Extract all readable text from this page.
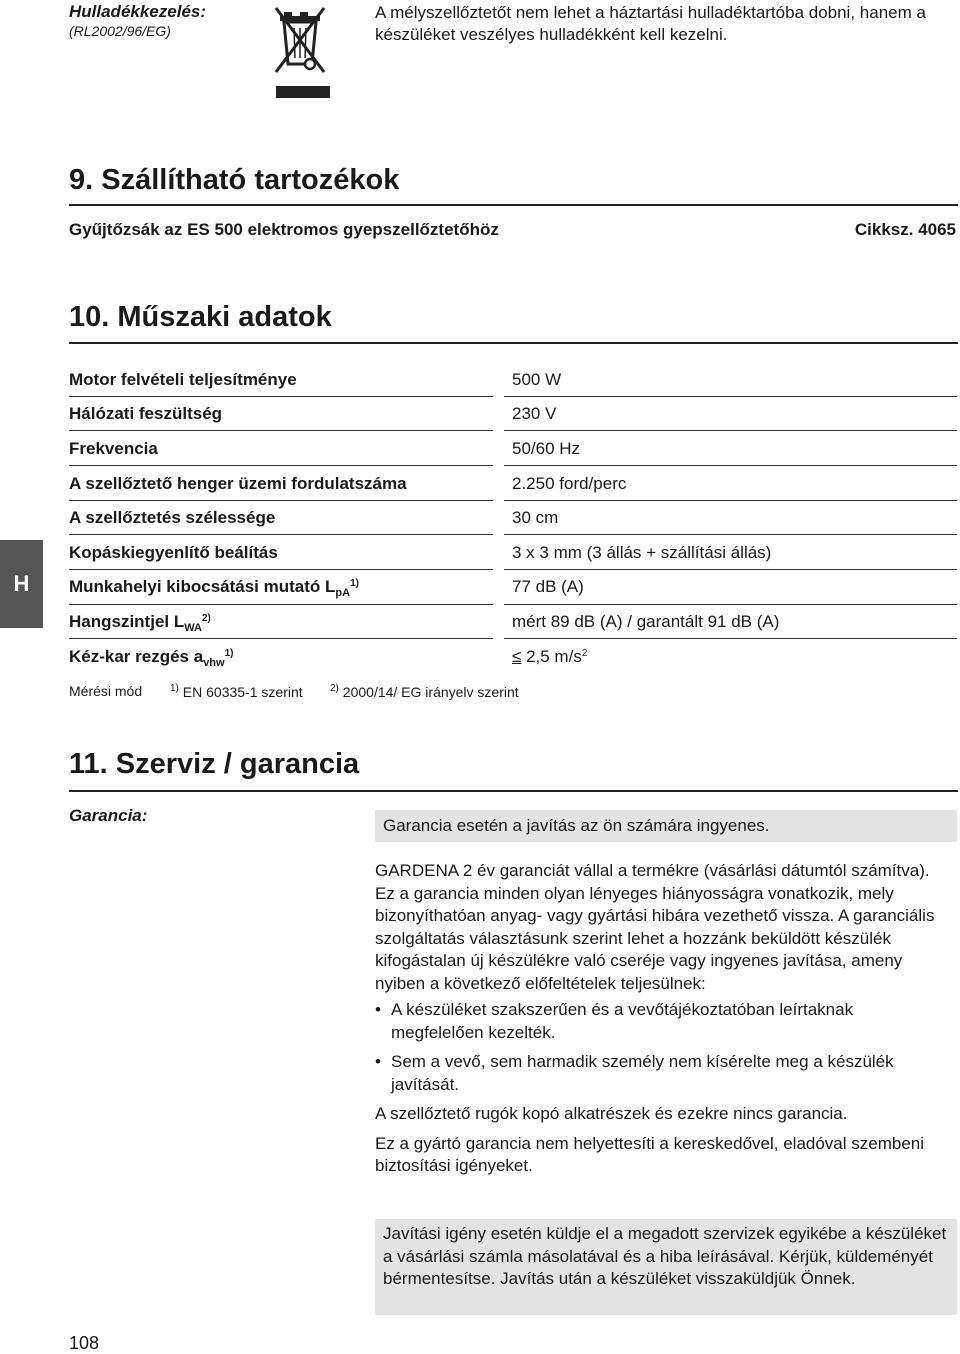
Hulladékkezelés:
(RL2002/96/EG)
A mélyszellőztetőt nem lehet a háztartási hulladéktartóba dobni, hanem a készüléket veszélyes hulladékként kell kezelni.
9. Szállítható tartozékok
Gyűjtőzsák az ES 500 elektromos gyepszellőztetőhöz	Cikksz. 4065
10. Műszaki adatok
Motor felvételi teljesítménye	500 W
Hálózati feszültség	230 V
Frekvencia	50/60 Hz
A szellőztető henger üzemi fordulatszáma	2.250 ford/perc
A szellőztetés szélessége	30 cm
Kopáskiegyenlítő beálítás	3 x 3 mm (3 állás + szállítási állás)
Munkahelyi kibocsátási mutató $L_{pA}^{1)}$	77 dB (A)
Hangszintjel $L_{WA}^{2)}$	mért 89 dB (A) / garantált 91 dB (A)
Kéz-kar rezgés $a_{vhw}^{1)}$	≤ 2,5 $m/s^2$
H
Mérési mód	$^{1)}$ EN 60335-1 szerint	$^{2)}$ 2000/14/ EG irányelv szerint
11. Szerviz / garancia
Garancia:
Garancia esetén a javítás az ön számára ingyenes.

GARDENA 2 év garanciát vállal a termékre (vásárlási dátumtól számítva). Ez a garancia minden olyan lényeges hiányosságra vonatkozik, mely bizonyíthatóan anyag- vagy gyártási hibára vezethető vissza. A garanciális szolgáltatás választásunk szerint lehet a hozzánk beküldött készülék kifogástalan új készülékre való cseréje vagy ingyenes javítása, ameny nyiben a következő előfeltételek teljesülnek:

• A készüléket szakszerűen és a vevőtájékoztatóban leírtaknak megfelelően kezelték.
• Sem a vevő, sem harmadik személy nem kísérelte meg a készülék javítását.

A szellőztető rugók kopó alkatrészek és ezekre nincs garancia.

Ez a gyártó garancia nem helyettesíti a kereskedővel, eladóval szembeni biztosítási igényeket.

Javítási igény esetén küldje el a megadott szervizek egyikébe a készüléket a vásárlási számla másolatával és a hiba leírásával. Kérjük, küldeményét bérmentesítse. Javítás után a készüléket visszaküldjük Önnek.
108
